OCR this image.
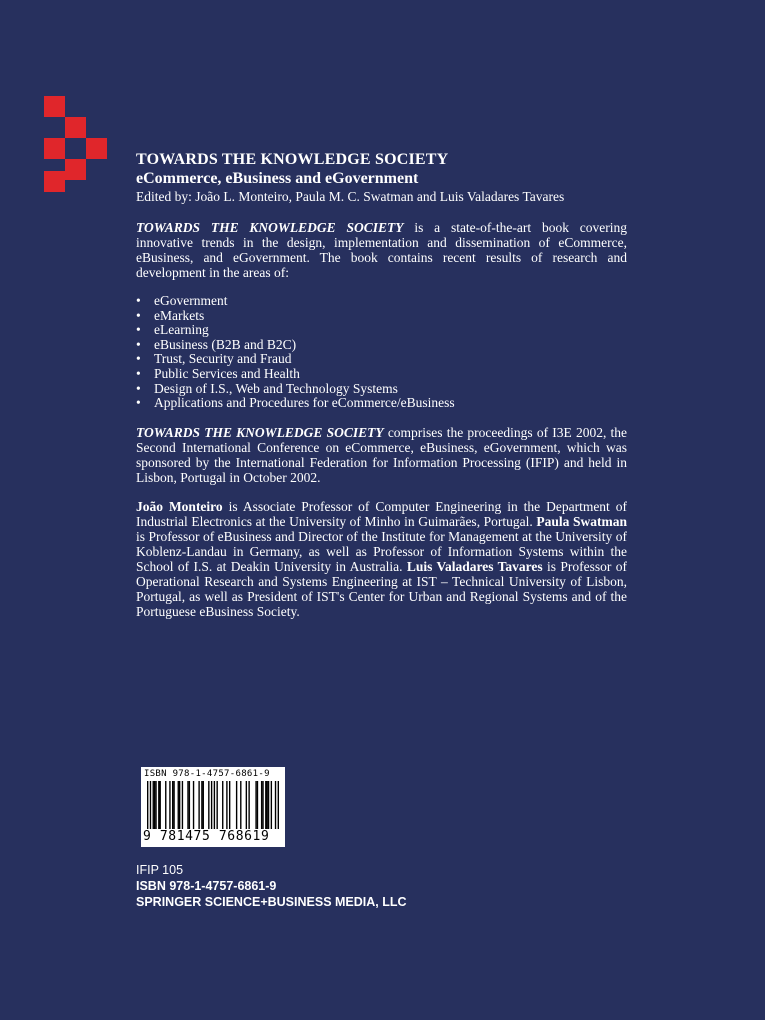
TOWARDS THE KNOWLEDGE SOCIETY
eCommerce, eBusiness and eGovernment
Edited by: João L. Monteiro, Paula M. C. Swatman and Luis Valadares Tavares

TOWARDS THE KNOWLEDGE SOCIETY is a state-of-the-art book covering innovative trends in the design, implementation and dissemination of eCommerce, eBusiness, and eGovernment. The book contains recent results of research and development in the areas of:

• eGovernment
• eMarkets
• eLearning
• eBusiness (B2B and B2C)
• Trust, Security and Fraud
• Public Services and Health
• Design of I.S., Web and Technology Systems
• Applications and Procedures for eCommerce/eBusiness

TOWARDS THE KNOWLEDGE SOCIETY comprises the proceedings of I3E 2002, the Second International Conference on eCommerce, eBusiness, eGovernment, which was sponsored by the International Federation for Information Processing (IFIP) and held in Lisbon, Portugal in October 2002.

João Monteiro is Associate Professor of Computer Engineering in the Department of Industrial Electronics at the University of Minho in Guimarães, Portugal. Paula Swatman is Professor of eBusiness and Director of the Institute for Management at the University of Koblenz-Landau in Germany, as well as Professor of Information Systems within the School of I.S. at Deakin University in Australia. Luis Valadares Tavares is Professor of Operational Research and Systems Engineering at IST – Technical University of Lisbon, Portugal, as well as President of IST's Center for Urban and Regional Systems and of the Portuguese eBusiness Society.

ISBN 978-1-4757-6861-9
9 781475 768619
IFIP 105
ISBN 978-1-4757-6861-9
SPRINGER SCIENCE+BUSINESS MEDIA, LLC
